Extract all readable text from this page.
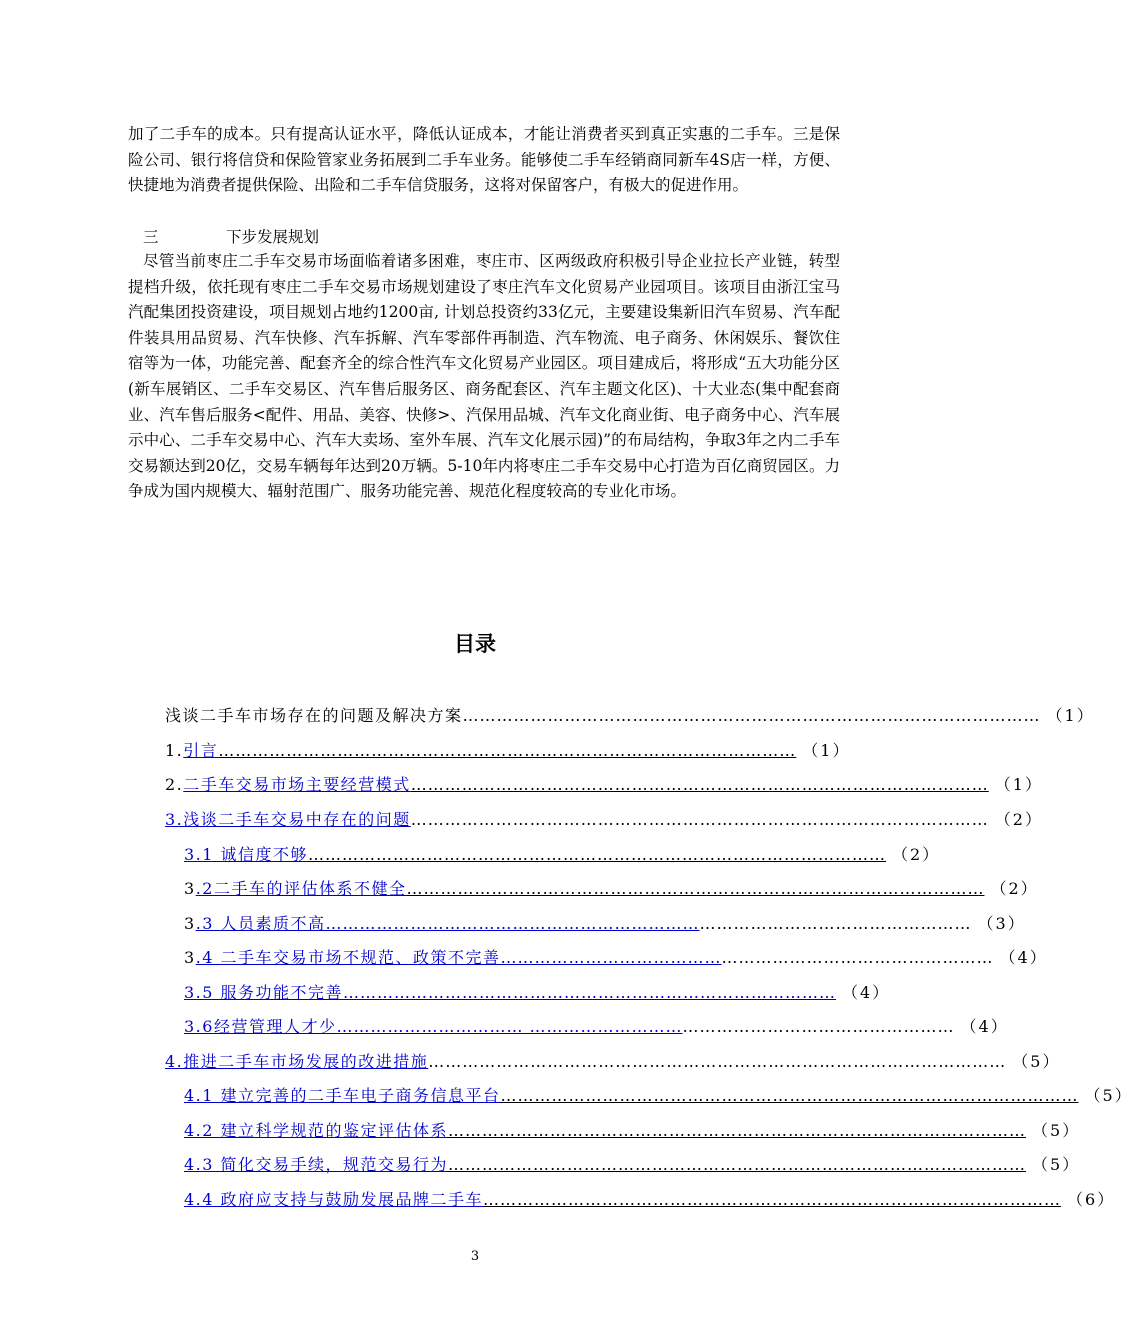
加了二手车的成本。只有提高认证水平，降低认证成本，才能让消费者买到真正实惠的二手车。三是保险公司、银行将信贷和保险管家业务拓展到二手车业务。能够使二手车经销商同新车4S店一样，方便、快捷地为消费者提供保险、出险和二手车信贷服务，这将对保留客户，有极大的促进作用。
三	下步发展规划
尽管当前枣庄二手车交易市场面临着诸多困难，枣庄市、区两级政府积极引导企业拉长产业链，转型提档升级，依托现有枣庄二手车交易市场规划建设了枣庄汽车文化贸易产业园项目。该项目由浙江宝马汽配集团投资建设，项目规划占地约1200亩, 计划总投资约33亿元，主要建设集新旧汽车贸易、汽车配件装具用品贸易、汽车快修、汽车拆解、汽车零部件再制造、汽车物流、电子商务、休闲娱乐、餐饮住宿等为一体，功能完善、配套齐全的综合性汽车文化贸易产业园区。项目建成后，将形成“五大功能分区(新车展销区、二手车交易区、汽车售后服务区、商务配套区、汽车主题文化区)、十大业态(集中配套商业、汽车售后服务<配件、用品、美容、快修>、汽保用品城、汽车文化商业街、电子商务中心、汽车展示中心、二手车交易中心、汽车大卖场、室外车展、汽车文化展示园)”的布局结构，争取3年之内二手车交易额达到20亿，交易车辆每年达到20万辆。5-10年内将枣庄二手车交易中心打造为百亿商贸园区。力争成为国内规模大、辐射范围广、服务功能完善、规范化程度较高的专业化市场。
目录
浅谈二手车市场存在的问题及解决方案 ………………………………………………………………………………………… （1）
1. 引言 ………………………………………………………………………………………… （1）
2. 二手车交易市场主要经营模式 ………………………………………………………………………………………… （1）
3.浅谈二手车交易中存在的问题 ………………………………………………………………………………………… （2）
3.1 诚信度不够 ………………………………………………………………………………………… （2）
3 .2二手车的评估体系不健全 ………………………………………………………………………………………… （2）
3 .3 人员素质不高 ………………………………………………………… ………………………………………… （3）
3 .4 二手车交易市场不规范、政策不完善 ………………………………… ………………………………………… （4）
3.5 服务功能不完善 …………………………………………………………………………… （4）
3.6经营管理人才少 …………………………… ……………………… ………………………………………… （4）
4.推进二手车市场发展的改进措施 ………………………………………………………………………………………… （5）
4.1 建立完善的二手车电子商务信息平台 ………………………………………………………………………………………… （5）
4.2 建立科学规范的鉴定评估体系 ………………………………………………………………………………………… （5）
4.3 简化交易手续，规范交易行为 ………………………………………………………………………………………… （5）
4.4 政府应支持与鼓励发展品牌二手车 ………………………………………………………………………………………… （6）
3
